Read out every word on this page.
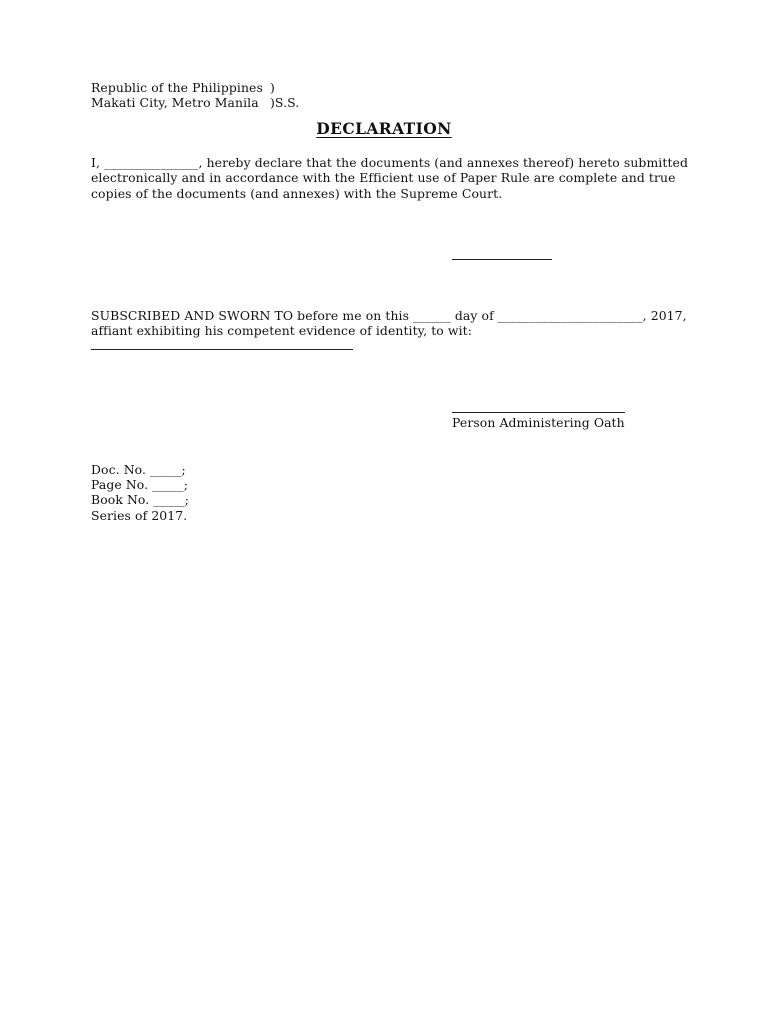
Republic of the Philippines )
Makati City, Metro Manila )S.S.
DECLARATION
I, _______________, hereby declare that the documents (and annexes thereof) hereto submitted
electronically and in accordance with the Efficient use of Paper Rule are complete and true
copies of the documents (and annexes) with the Supreme Court.
SUBSCRIBED AND SWORN TO before me on this ______ day of _______________________, 2017,
affiant exhibiting his competent evidence of identity, to wit:
Person Administering Oath
Doc. No. _____;
Page No. _____;
Book No. _____;
Series of 2017.
